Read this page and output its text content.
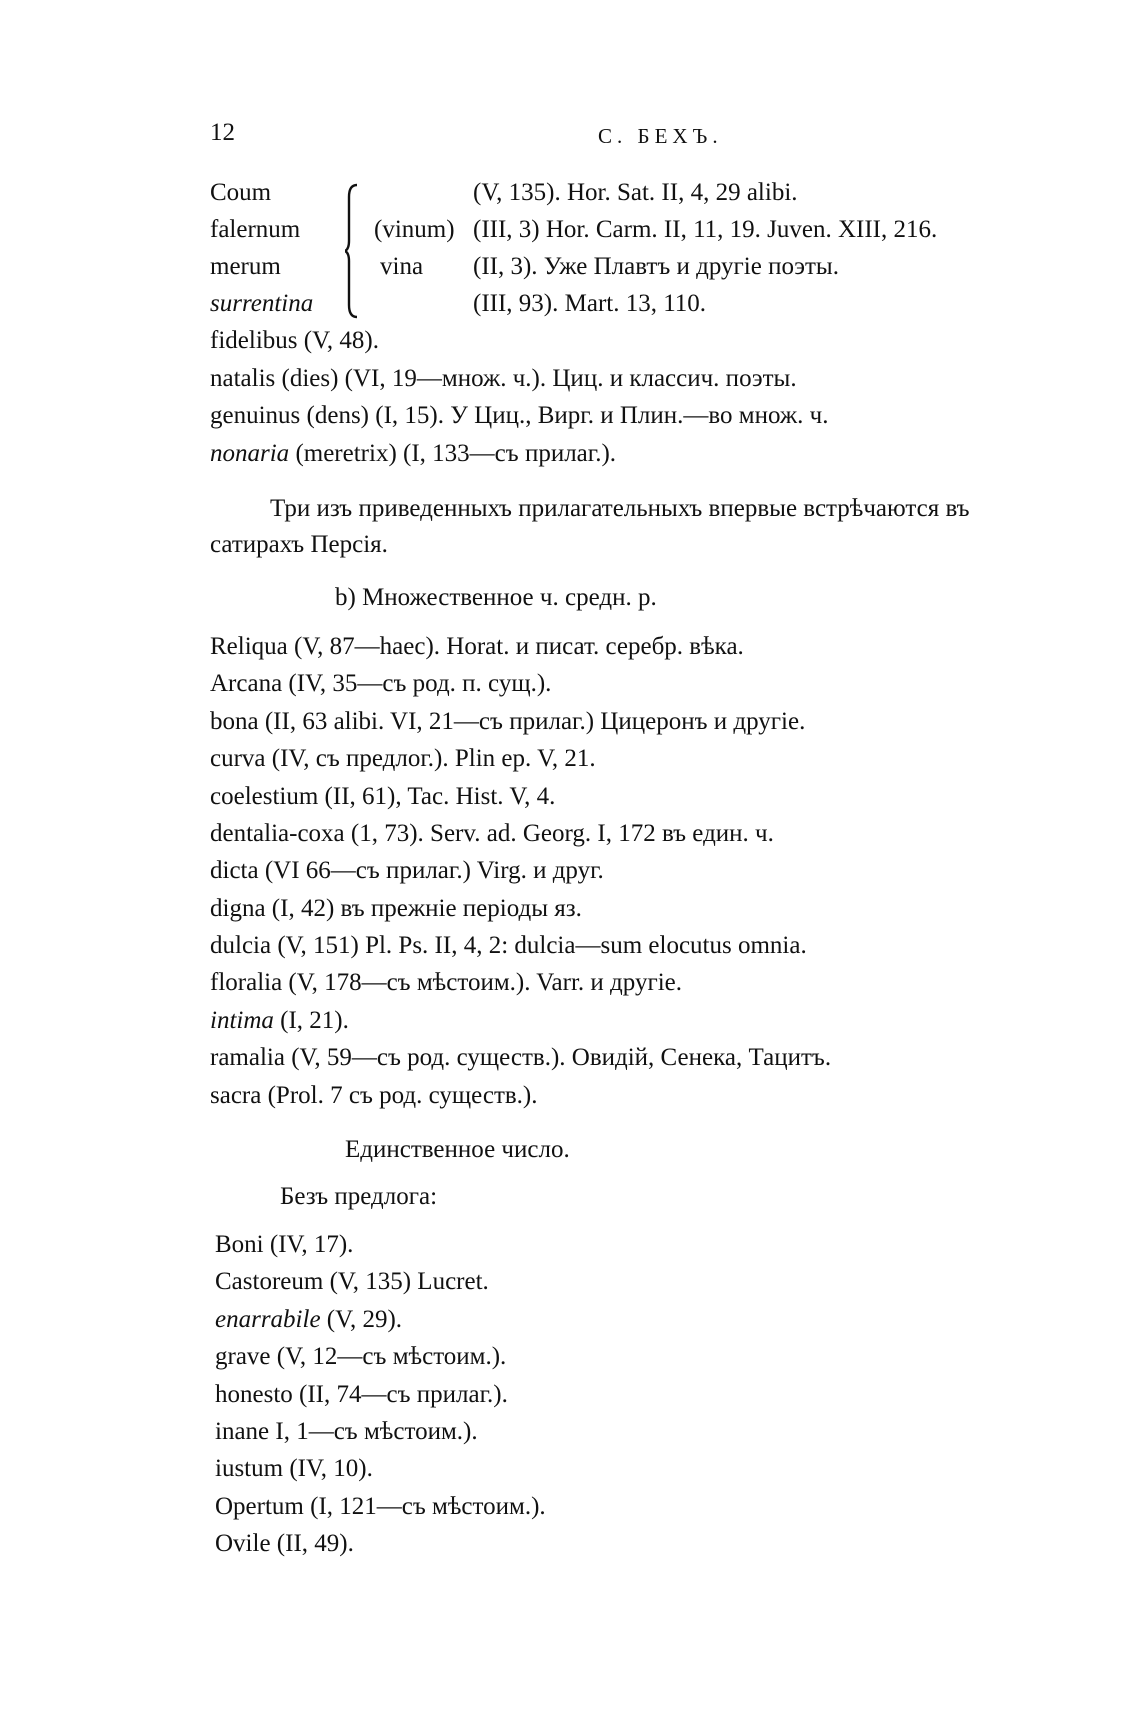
12	С. БЕХЪ.
Coum
falernum
merum
surrentina
(vinum)
vina
(V, 135). Hor. Sat. II, 4, 29 alibi.
(III, 3) Hor. Carm. II, 11, 19. Juven. XIII, 216.
(II, 3). Уже Плавтъ и другіе поэты.
(III, 93). Mart. 13, 110.
fidelibus (V, 48).
natalis (dies) (VI, 19—множ. ч.). Циц. и классич. поэты.
genuinus (dens) (I, 15). У Циц., Вирг. и Плин.—во множ. ч.
nonaria (meretrix) (I, 133—съ прилаг.).
Три изъ приведенныхъ прилагательныхъ впервые встрѣчаются въ
сатирахъ Персія.
b) Множественное ч. средн. р.
Reliqua (V, 87—haec). Horat. и писат. серебр. вѣка.
Arcana (IV, 35—съ род. п. сущ.).
bona (II, 63 alibi. VI, 21—съ прилаг.) Цицеронъ и другіе.
curva (IV, съ предлог.). Plin ep. V, 21.
coelestium (II, 61), Tac. Hist. V, 4.
dentalia-coxa (1, 73). Serv. ad. Georg. I, 172 въ един. ч.
dicta (VI 66—съ прилаг.) Virg. и друг.
digna (I, 42) въ прежніе періоды яз.
dulcia (V, 151) Pl. Ps. II, 4, 2: dulcia—sum elocutus omnia.
floralia (V, 178—съ мѣстоим.). Varr. и другіе.
intima (I, 21).
ramalia (V, 59—съ род. существ.). Овидій, Сенека, Тацитъ.
sacra (Prol. 7 съ род. существ.).
Единственное число.
Безъ предлога:
Boni (IV, 17).
Castoreum (V, 135) Lucret.
enarrabile (V, 29).
grave (V, 12—съ мѣстоим.).
honesto (II, 74—съ прилаг.).
inane I, 1—съ мѣстоим.).
iustum (IV, 10).
Opertum (I, 121—съ мѣстоим.).
Ovile (II, 49).
